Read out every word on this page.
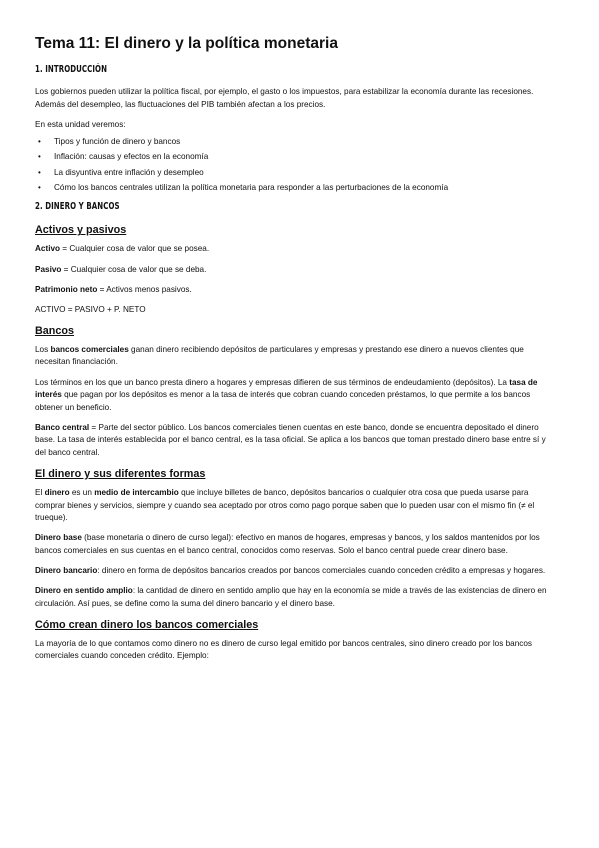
Tema 11: El dinero y la política monetaria
1. INTRODUCCIÓN

Los gobiernos pueden utilizar la política fiscal, por ejemplo, el gasto o los impuestos, para estabilizar la economía durante las recesiones. Además del desempleo, las fluctuaciones del PIB también afectan a los precios.

En esta unidad veremos:

• Tipos y función de dinero y bancos
• Inflación: causas y efectos en la economía
• La disyuntiva entre inflación y desempleo
• Cómo los bancos centrales utilizan la política monetaria para responder a las perturbaciones de la economía
2. DINERO Y BANCOS
Activos y pasivos

Activo = Cualquier cosa de valor que se posea.

Pasivo = Cualquier cosa de valor que se deba.

Patrimonio neto = Activos menos pasivos.

ACTIVO = PASIVO + P. NETO

Bancos

Los bancos comerciales ganan dinero recibiendo depósitos de particulares y empresas y prestando ese dinero a nuevos clientes que necesitan financiación.

Los términos en los que un banco presta dinero a hogares y empresas difieren de sus términos de endeudamiento (depósitos). La tasa de interés que pagan por los depósitos es menor a la tasa de interés que cobran cuando conceden préstamos, lo que permite a los bancos obtener un beneficio.

Banco central = Parte del sector público. Los bancos comerciales tienen cuentas en este banco, donde se encuentra depositado el dinero base. La tasa de interés establecida por el banco central, es la tasa oficial. Se aplica a los bancos que toman prestado dinero base entre sí y del banco central.

El dinero y sus diferentes formas

El dinero es un medio de intercambio que incluye billetes de banco, depósitos bancarios o cualquier otra cosa que pueda usarse para comprar bienes y servicios, siempre y cuando sea aceptado por otros como pago porque saben que lo pueden usar con el mismo fin (≠ el trueque).

Dinero base (base monetaria o dinero de curso legal): efectivo en manos de hogares, empresas y bancos, y los saldos mantenidos por los bancos comerciales en sus cuentas en el banco central, conocidos como reservas. Solo el banco central puede crear dinero base.

Dinero bancario: dinero en forma de depósitos bancarios creados por bancos comerciales cuando conceden crédito a empresas y hogares.

Dinero en sentido amplio: la cantidad de dinero en sentido amplio que hay en la economía se mide a través de las existencias de dinero en circulación. Así pues, se define como la suma del dinero bancario y el dinero base.

Cómo crean dinero los bancos comerciales

La mayoría de lo que contamos como dinero no es dinero de curso legal emitido por bancos centrales, sino dinero creado por los bancos comerciales cuando conceden crédito. Ejemplo:
